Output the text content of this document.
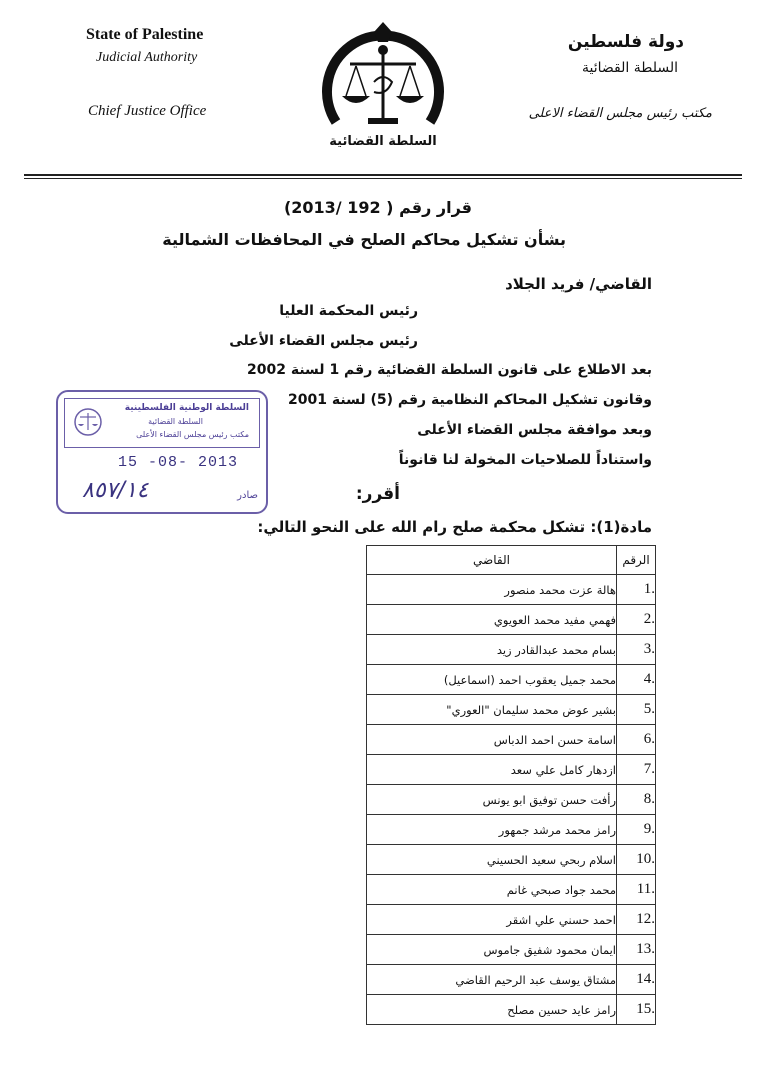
State of Palestine
Judicial Authority
Chief Justice Office
دولة فلسطين
السلطة القضائية
مكتب رئيس مجلس القضاء الاعلى
السلطة القضائية
قرار رقم ( 192 /2013)
بشأن تشكيل محاكم الصلح في المحافظات الشمالية
القاضي/ فريد الجلاد
رئيس المحكمة العليا
رئيس مجلس القضاء الأعلى
بعد الاطلاع على قانون السلطة القضائية رقم 1 لسنة 2002
وقانون تشكيل المحاكم النظامية رقم (5) لسنة 2001
وبعد موافقة مجلس القضاء الأعلى
واستناداً للصلاحيات المخولة لنا قانوناً
أقرر:
مادة(1): تشكل محكمة صلح رام الله على النحو التالي:
السلطة الوطنية الفلسطينية
السلطة القضائية
مكتب رئيس مجلس القضاء الأعلى
15 -08- 2013
٨٥٧/١٤	صادر
القاضي	الرقم
هالة عزت محمد منصور	1.
فهمي مفيد محمد العويوي	2.
بسام محمد عبدالقادر زيد	3.
محمد جميل يعقوب احمد (اسماعيل)	4.
بشير عوض محمد سليمان "العوري"	5.
اسامة حسن احمد الدباس	6.
ازدهار كامل علي سعد	7.
رأفت حسن توفيق ابو يونس	8.
رامز محمد مرشد جمهور	9.
اسلام ربحي سعيد الحسيني	10.
محمد جواد صبحي غانم	11.
احمد حسني علي اشقر	12.
ايمان محمود شفيق جاموس	13.
مشتاق يوسف عبد الرحيم القاضي	14.
رامز عايد حسين مصلح	15.
